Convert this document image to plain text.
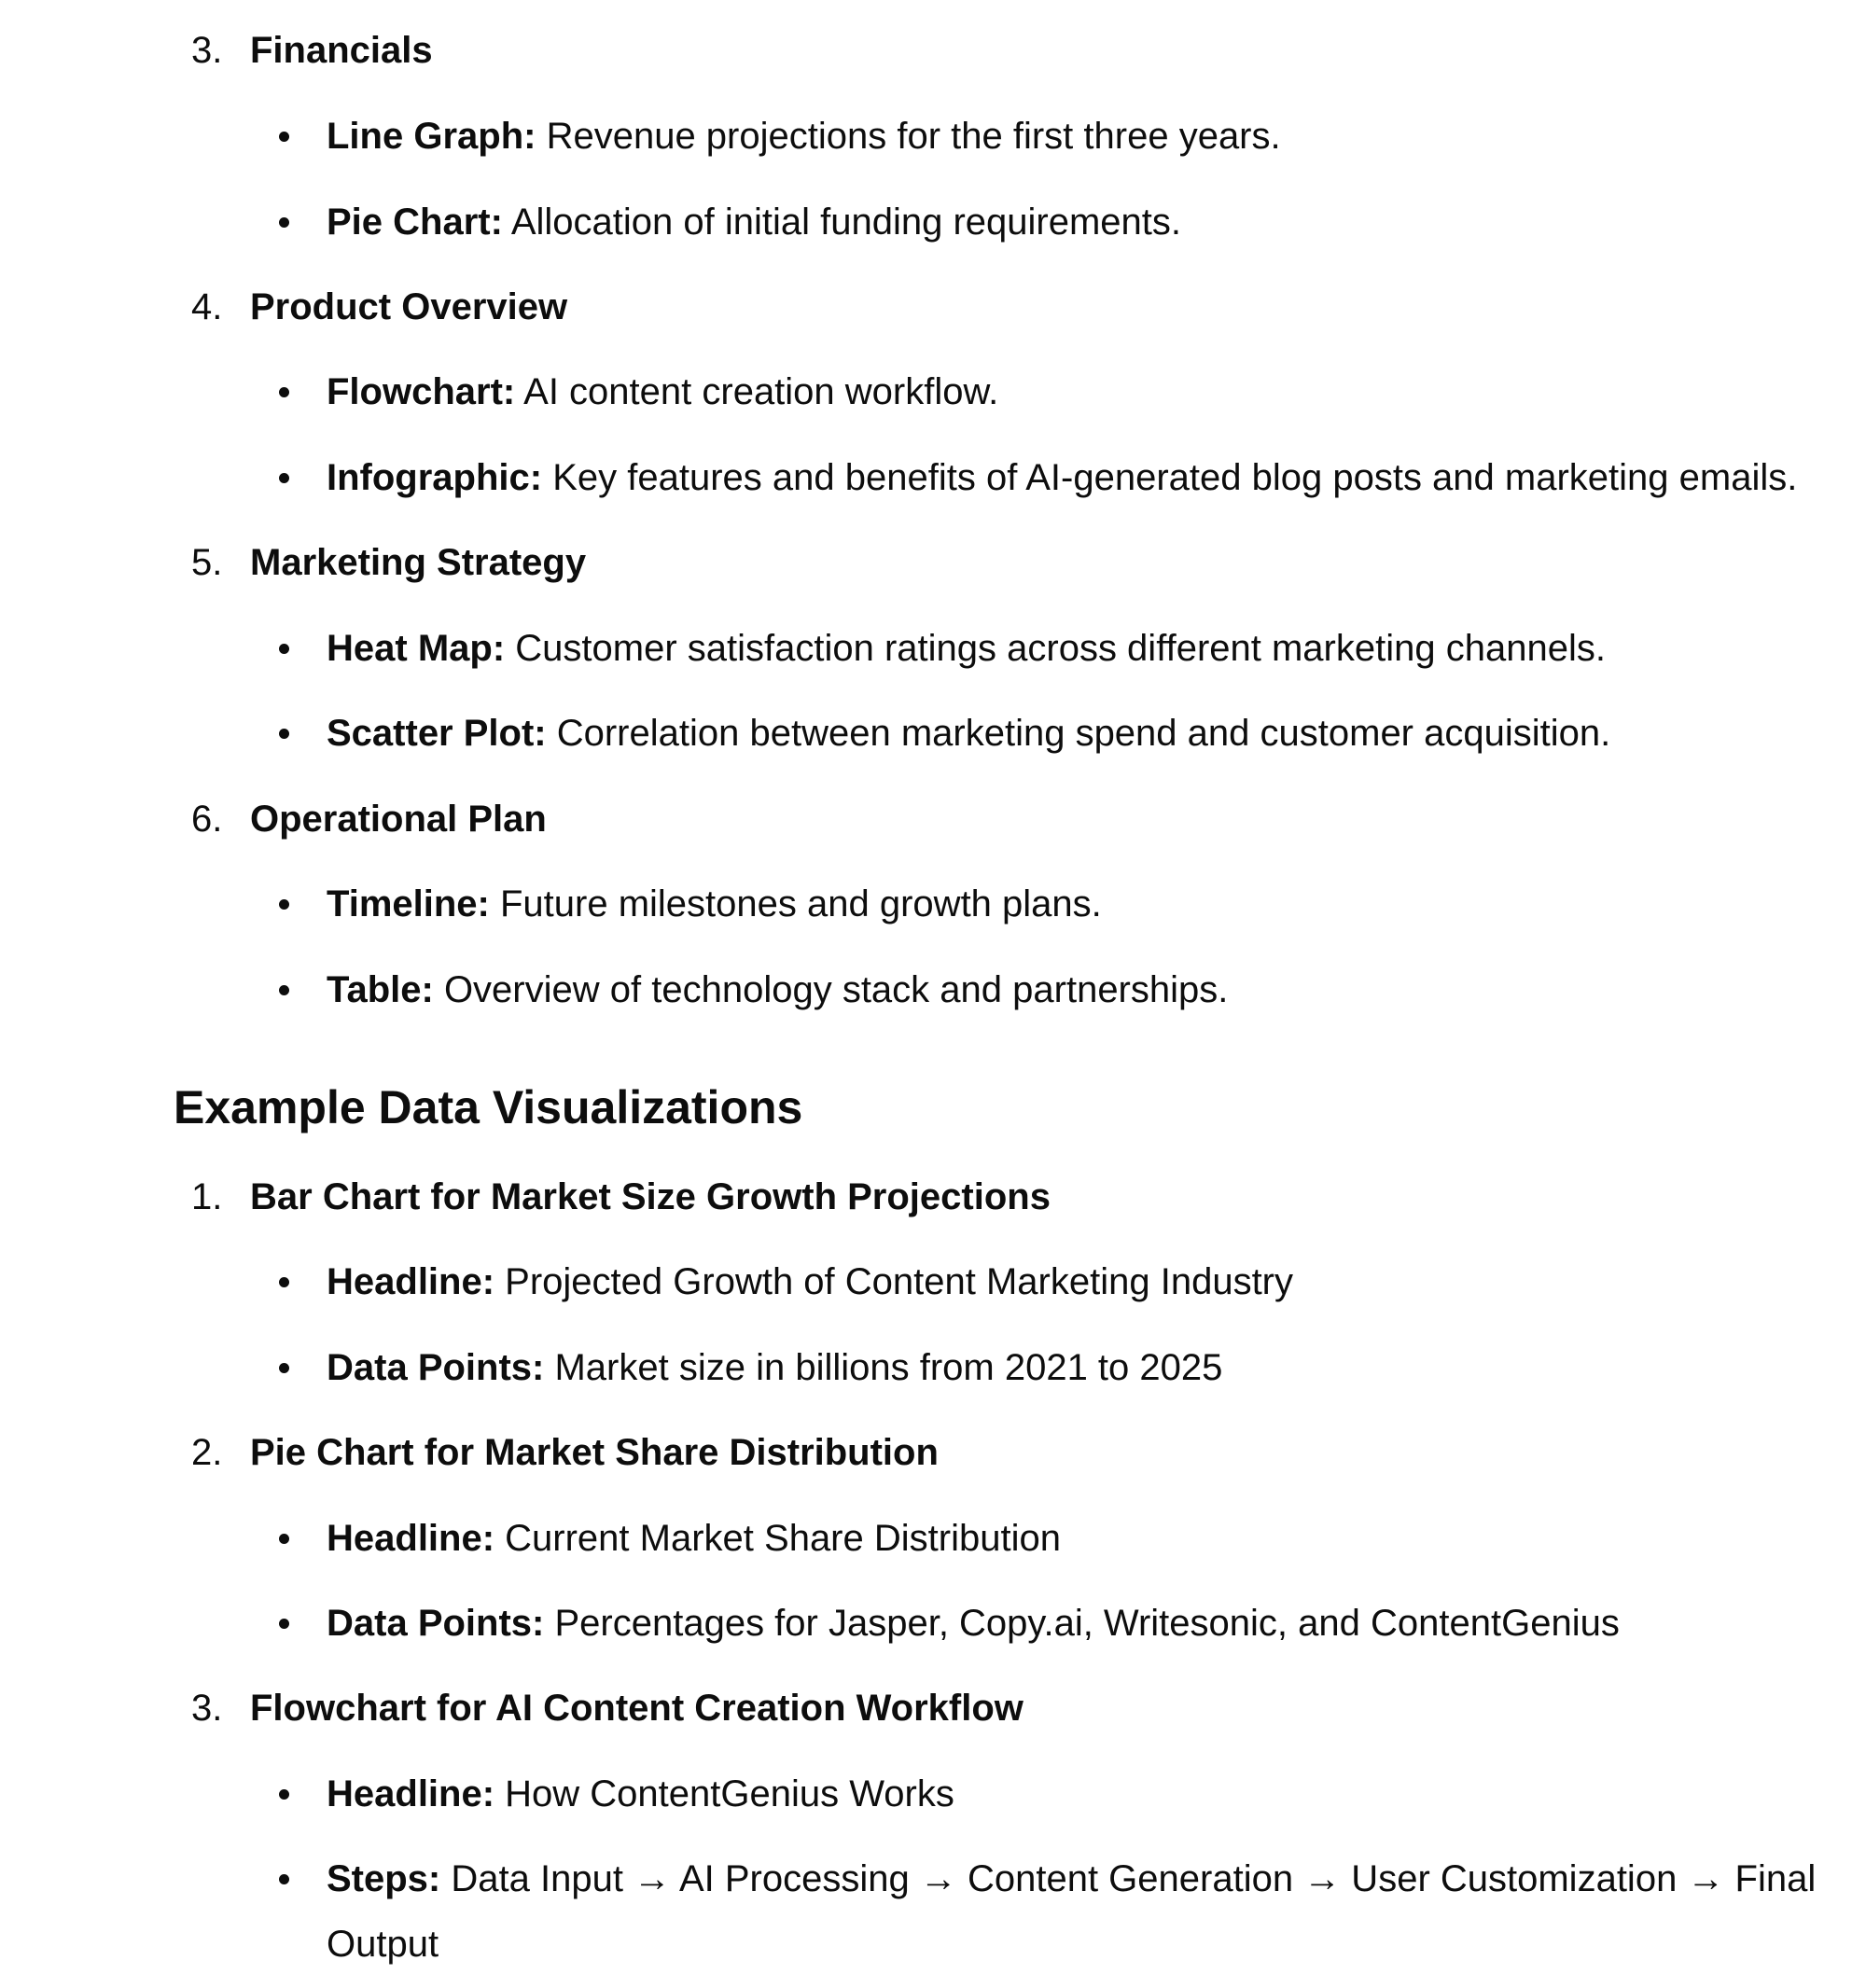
3. Financials
Line Graph: Revenue projections for the first three years.
Pie Chart: Allocation of initial funding requirements.
4. Product Overview
Flowchart: AI content creation workflow.
Infographic: Key features and benefits of AI-generated blog posts and marketing emails.
5. Marketing Strategy
Heat Map: Customer satisfaction ratings across different marketing channels.
Scatter Plot: Correlation between marketing spend and customer acquisition.
6. Operational Plan
Timeline: Future milestones and growth plans.
Table: Overview of technology stack and partnerships.
Example Data Visualizations
1. Bar Chart for Market Size Growth Projections
Headline: Projected Growth of Content Marketing Industry
Data Points: Market size in billions from 2021 to 2025
2. Pie Chart for Market Share Distribution
Headline: Current Market Share Distribution
Data Points: Percentages for Jasper, Copy.ai, Writesonic, and ContentGenius
3. Flowchart for AI Content Creation Workflow
Headline: How ContentGenius Works
Steps: Data Input → AI Processing → Content Generation → User Customization → Final Output
